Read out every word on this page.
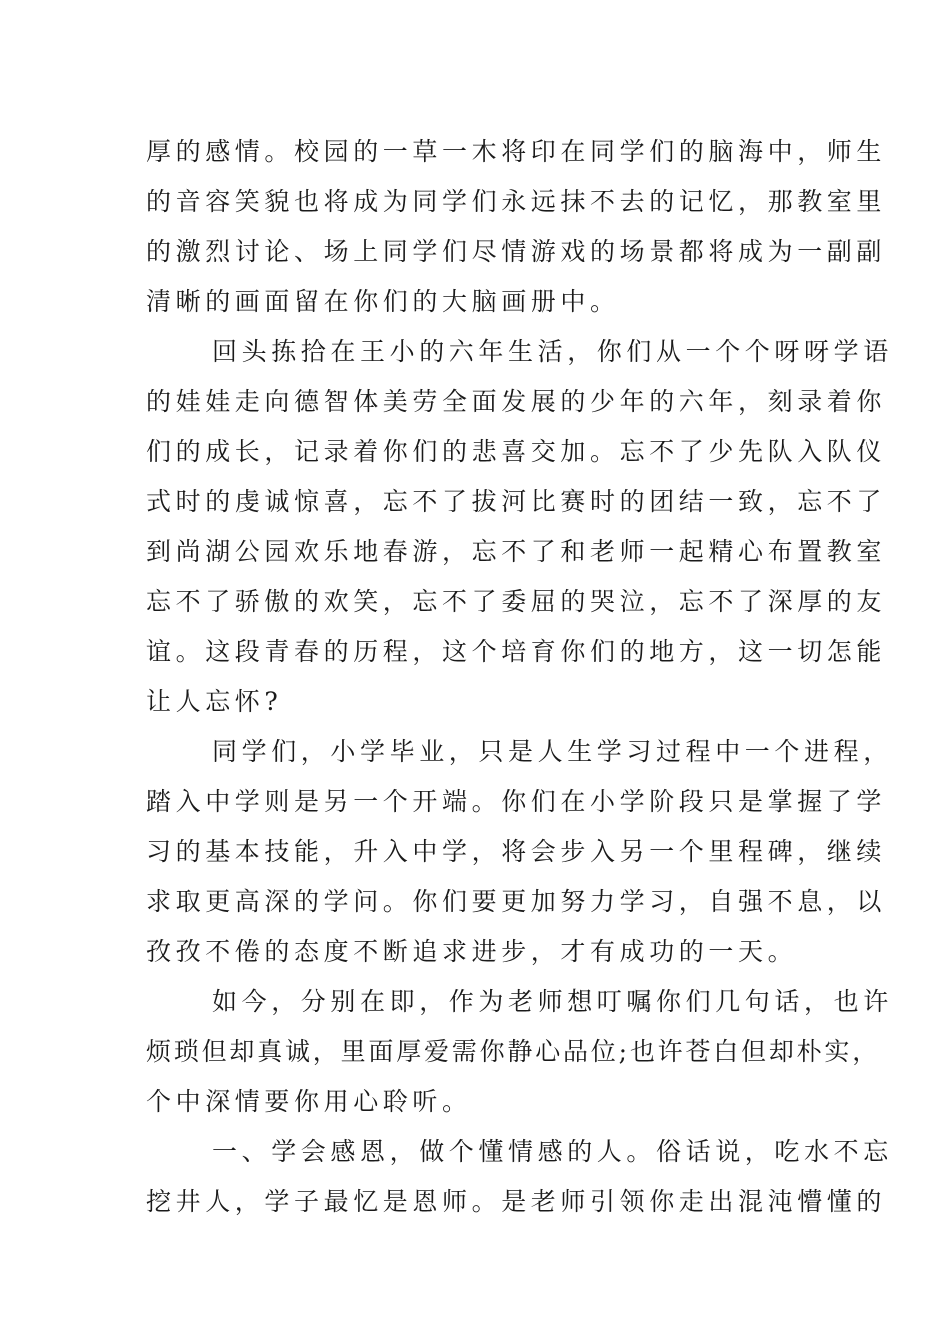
厚的感情。校园的一草一木将印在同学们的脑海中，师生
的音容笑貌也将成为同学们永远抹不去的记忆，那教室里
的激烈讨论、场上同学们尽情游戏的场景都将成为一副副
清晰的画面留在你们的大脑画册中。
回头拣拾在王小的六年生活，你们从一个个呀呀学语
的娃娃走向德智体美劳全面发展的少年的六年，刻录着你
们的成长，记录着你们的悲喜交加。忘不了少先队入队仪
式时的虔诚惊喜，忘不了拔河比赛时的团结一致，忘不了
到尚湖公园欢乐地春游，忘不了和老师一起精心布置教室
忘不了骄傲的欢笑，忘不了委屈的哭泣，忘不了深厚的友
谊。这段青春的历程，这个培育你们的地方，这一切怎能
让人忘怀?
同学们，小学毕业，只是人生学习过程中一个进程，
踏入中学则是另一个开端。你们在小学阶段只是掌握了学
习的基本技能，升入中学，将会步入另一个里程碑，继续
求取更高深的学问。你们要更加努力学习，自强不息，以
孜孜不倦的态度不断追求进步，才有成功的一天。
如今，分别在即，作为老师想叮嘱你们几句话，也许
烦琐但却真诚，里面厚爱需你静心品位;也许苍白但却朴实，
个中深情要你用心聆听。
一、学会感恩，做个懂情感的人。俗话说，吃水不忘
挖井人，学子最忆是恩师。是老师引领你走出混沌懵懂的
